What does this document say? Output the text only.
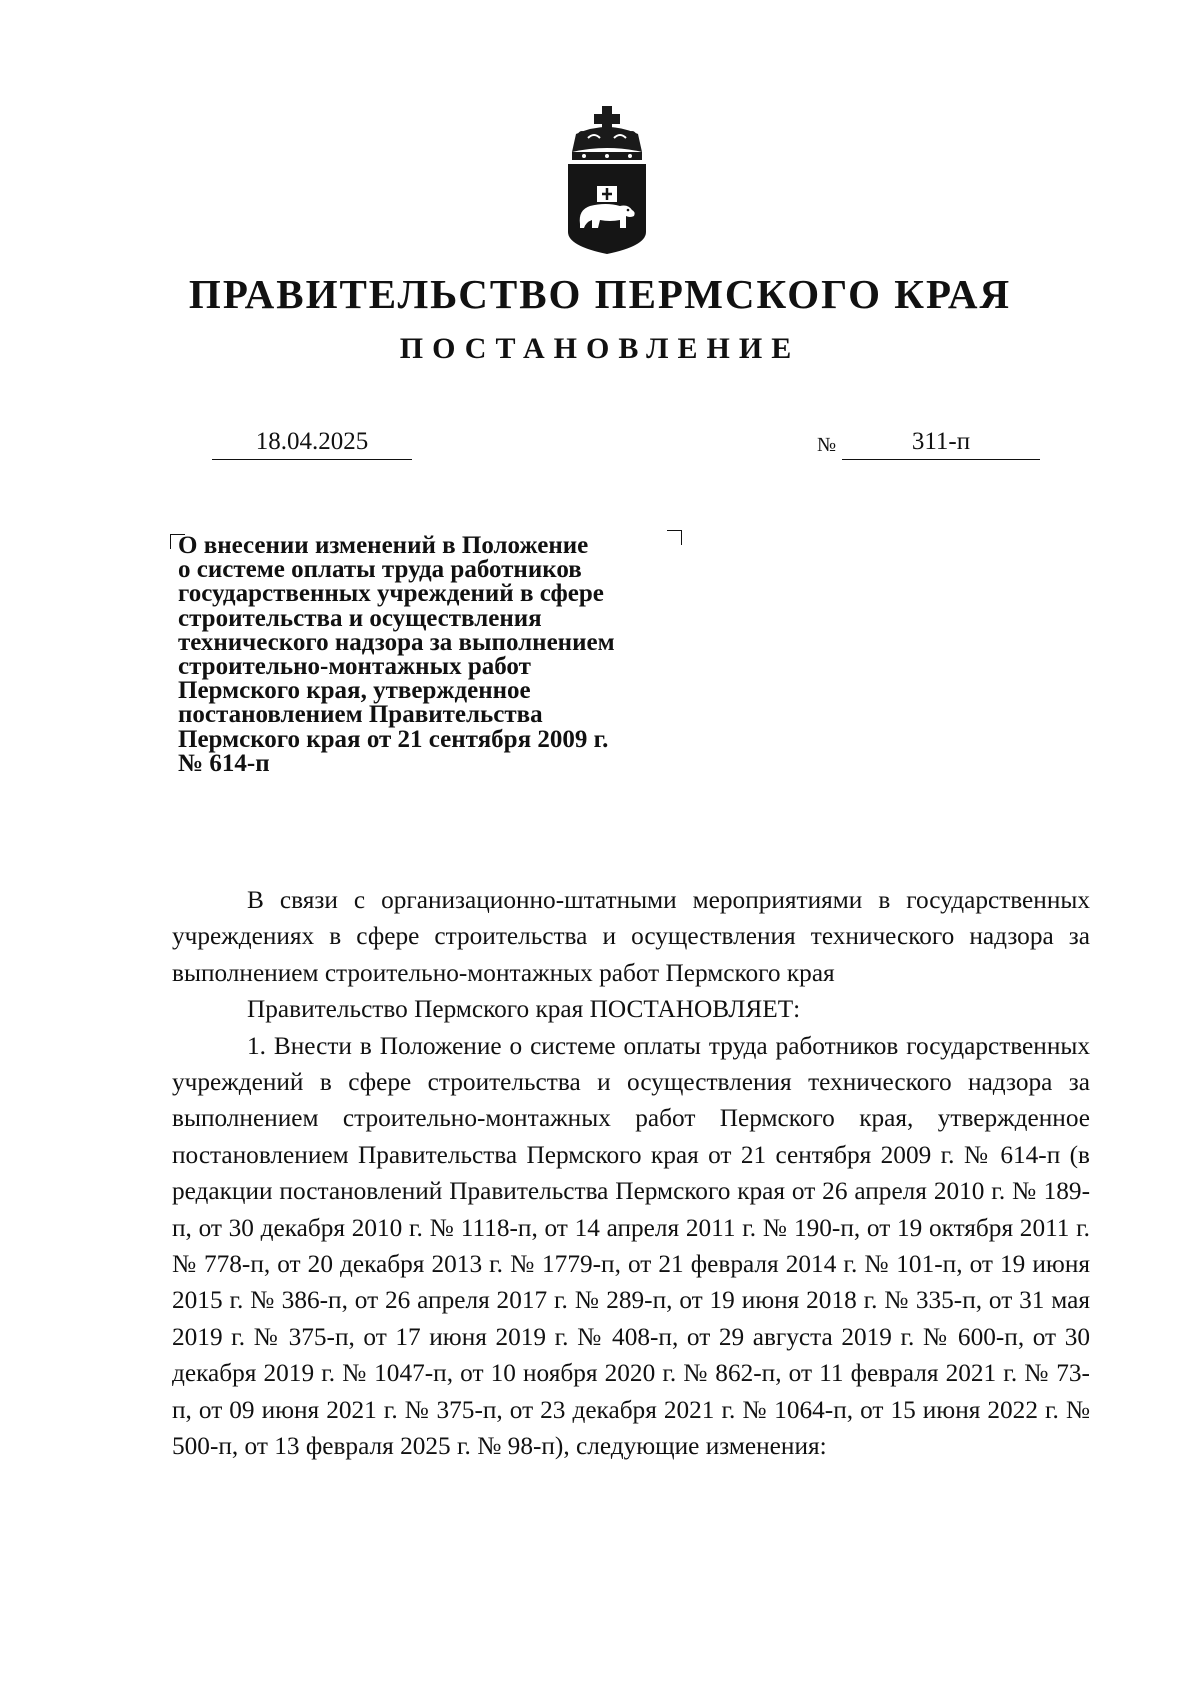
ПРАВИТЕЛЬСТВО ПЕРМСКОГО КРАЯ
ПОСТАНОВЛЕНИЕ
18.04.2025	№	311-п
О внесении изменений в Положение
о системе оплаты труда работников
государственных учреждений в сфере
строительства и осуществления
технического надзора за выполнением
строительно-монтажных работ
Пермского края, утвержденное
постановлением Правительства
Пермского края от 21 сентября 2009 г.
№ 614-п

В связи с организационно-штатными мероприятиями в государственных учреждениях в сфере строительства и осуществления технического надзора за выполнением строительно-монтажных работ Пермского края

Правительство Пермского края ПОСТАНОВЛЯЕТ:

1. Внести в Положение о системе оплаты труда работников государственных учреждений в сфере строительства и осуществления технического надзора за выполнением строительно-монтажных работ Пермского края, утвержденное постановлением Правительства Пермского края от 21 сентября 2009 г. № 614-п (в редакции постановлений Правительства Пермского края от 26 апреля 2010 г. № 189-п, от 30 декабря 2010 г. № 1118-п, от 14 апреля 2011 г. № 190-п, от 19 октября 2011 г. № 778-п, от 20 декабря 2013 г. № 1779-п, от 21 февраля 2014 г. № 101-п, от 19 июня 2015 г. № 386-п, от 26 апреля 2017 г. № 289-п, от 19 июня 2018 г. № 335-п, от 31 мая 2019 г. № 375-п, от 17 июня 2019 г. № 408-п, от 29 августа 2019 г. № 600-п, от 30 декабря 2019 г. № 1047-п, от 10 ноября 2020 г. № 862-п, от 11 февраля 2021 г. № 73-п, от 09 июня 2021 г. № 375-п, от 23 декабря 2021 г. № 1064-п, от 15 июня 2022 г. № 500-п, от 13 февраля 2025 г. № 98-п), следующие изменения:
